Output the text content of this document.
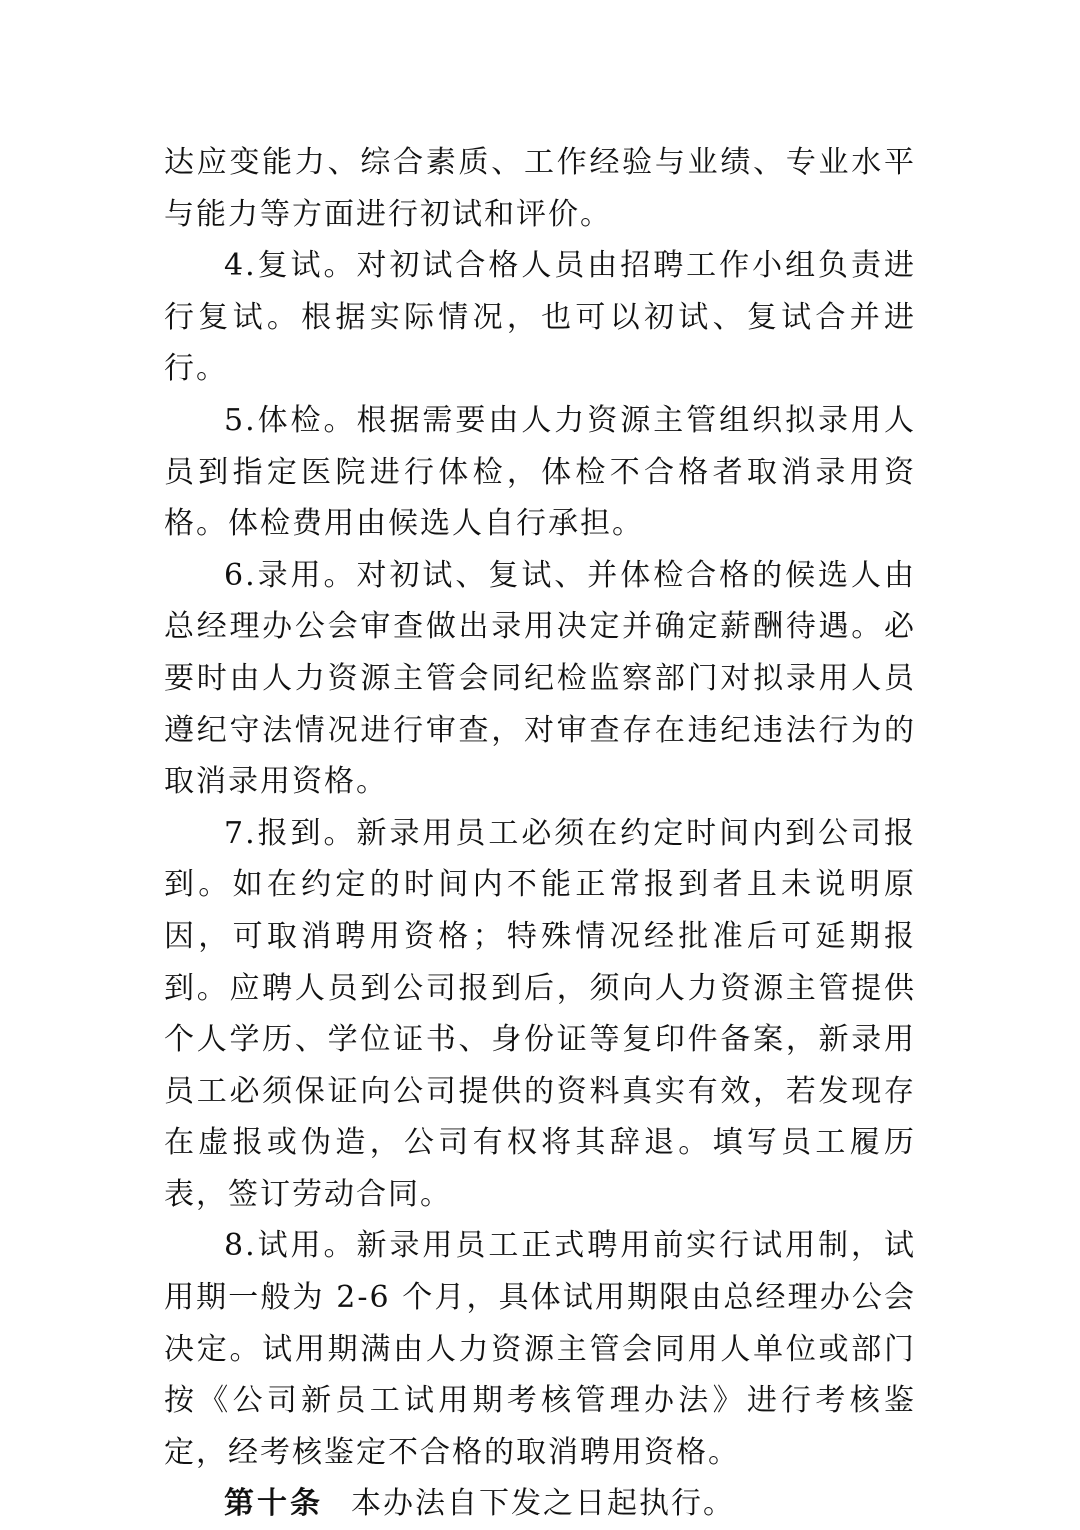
达应变能力、综合素质、工作经验与业绩、专业水平与能力等方面进行初试和评价。

4.复试。对初试合格人员由招聘工作小组负责进行复试。根据实际情况，也可以初试、复试合并进行。

5.体检。根据需要由人力资源主管组织拟录用人员到指定医院进行体检，体检不合格者取消录用资格。体检费用由候选人自行承担。

6.录用。对初试、复试、并体检合格的候选人由总经理办公会审查做出录用决定并确定薪酬待遇。必要时由人力资源主管会同纪检监察部门对拟录用人员遵纪守法情况进行审查，对审查存在违纪违法行为的取消录用资格。

7.报到。新录用员工必须在约定时间内到公司报到。如在约定的时间内不能正常报到者且未说明原因，可取消聘用资格；特殊情况经批准后可延期报到。应聘人员到公司报到后，须向人力资源主管提供个人学历、学位证书、身份证等复印件备案，新录用员工必须保证向公司提供的资料真实有效，若发现存在虚报或伪造，公司有权将其辞退。填写员工履历表，签订劳动合同。

8.试用。新录用员工正式聘用前实行试用制，试用期一般为 2-6 个月，具体试用期限由总经理办公会决定。试用期满由人力资源主管会同用人单位或部门按《公司新员工试用期考核管理办法》进行考核鉴定，经考核鉴定不合格的取消聘用资格。

第十条 本办法自下发之日起执行。
